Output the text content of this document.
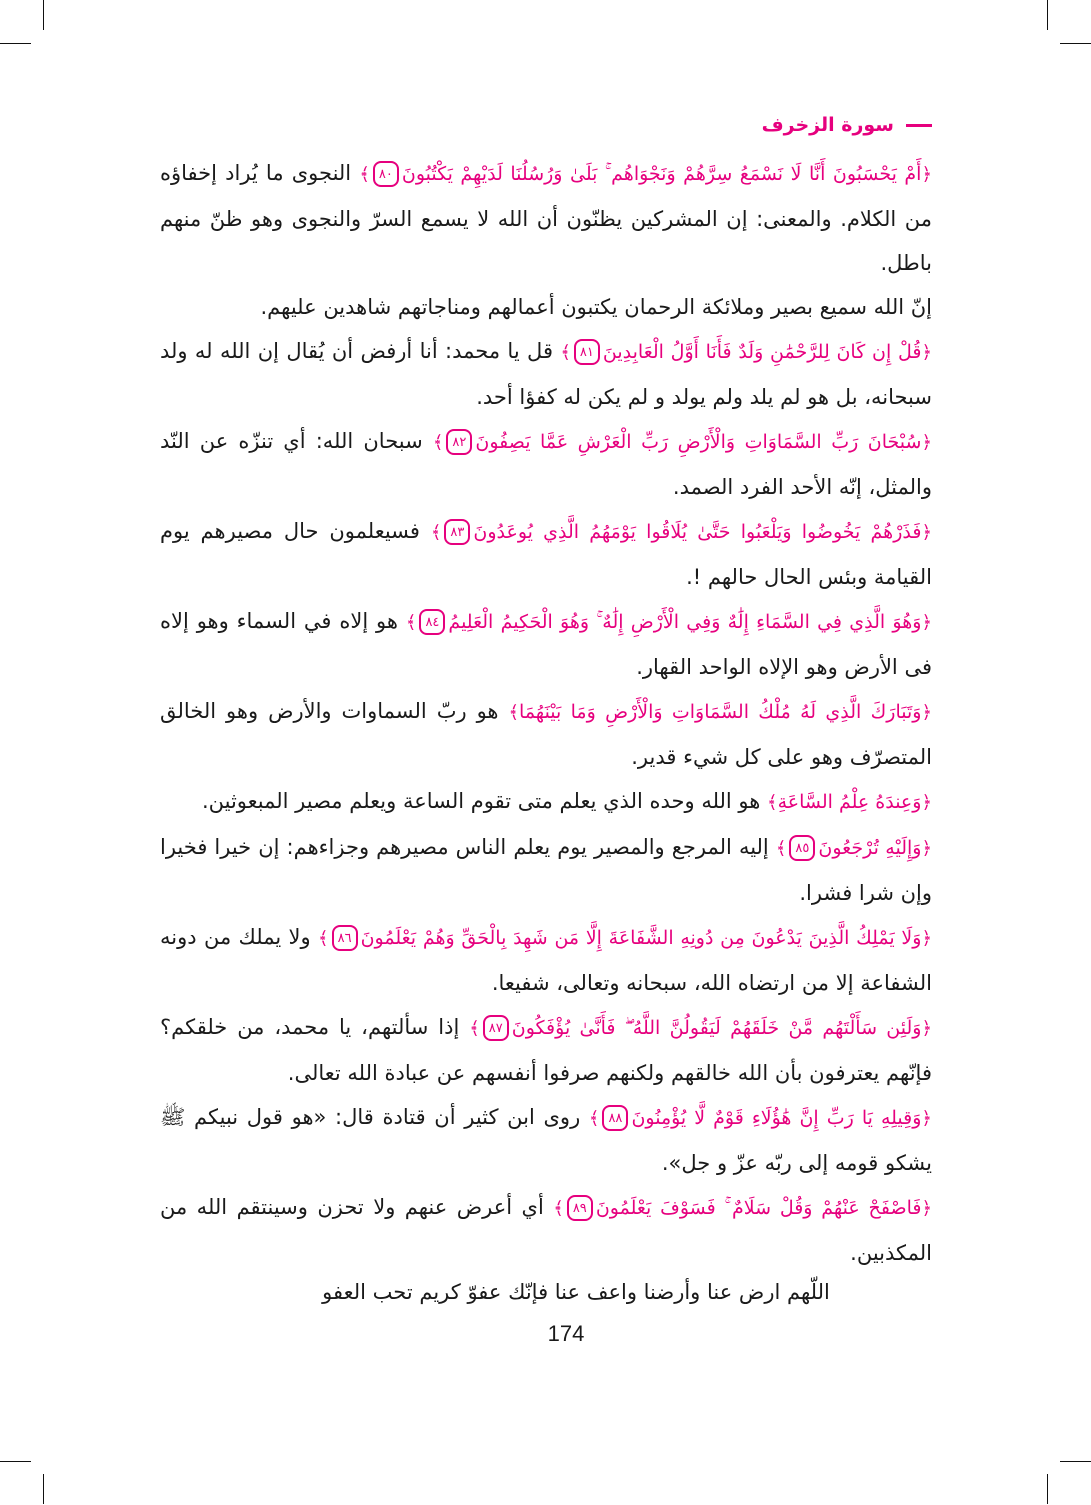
سورة الزخرف

﴿أَمْ يَحْسَبُونَ أَنَّا لَا نَسْمَعُ سِرَّهُمْ وَنَجْوَاهُم ۚ بَلَىٰ وَرُسُلُنَا لَدَيْهِمْ يَكْتُبُونَ٨٠﴾ النجوى ما يُراد إخفاؤه من الكلام. والمعنى: إن المشركين يظنّون أن الله لا يسمع السرّ والنجوى وهو ظنّ منهم باطل.

إنّ الله سميع بصير وملائكة الرحمان يكتبون أعمالهم ومناجاتهم شاهدين عليهم.

﴿قُلْ إِن كَانَ لِلرَّحْمَٰنِ وَلَدٌ فَأَنَا أَوَّلُ الْعَابِدِينَ٨١﴾ قل يا محمد: أنا أرفض أن يُقال إن الله له ولد سبحانه، بل هو لم يلد ولم يولد و لم يكن له كفؤا أحد.

﴿سُبْحَانَ رَبِّ السَّمَاوَاتِ وَالْأَرْضِ رَبِّ الْعَرْشِ عَمَّا يَصِفُونَ٨٢﴾ سبحان الله: أي تنزّه عن النّد والمثل، إنّه الأحد الفرد الصمد.

﴿فَذَرْهُمْ يَخُوضُوا وَيَلْعَبُوا حَتَّىٰ يُلَاقُوا يَوْمَهُمُ الَّذِي يُوعَدُونَ٨٣﴾ فسيعلمون حال مصيرهم يوم القيامة وبئس الحال حالهم !.

﴿وَهُوَ الَّذِي فِي السَّمَاءِ إِلَٰهٌ وَفِي الْأَرْضِ إِلَٰهٌ ۚ وَهُوَ الْحَكِيمُ الْعَلِيمُ٨٤﴾ هو إلاه في السماء وهو إلاه فى الأرض وهو الإلاه الواحد القهار.

﴿وَتَبَارَكَ الَّذِي لَهُ مُلْكُ السَّمَاوَاتِ وَالْأَرْضِ وَمَا بَيْنَهُمَا﴾ هو ربّ السماوات والأرض وهو الخالق المتصرّف وهو على كل شيء قدير.

﴿وَعِندَهُ عِلْمُ السَّاعَةِ﴾ هو الله وحده الذي يعلم متى تقوم الساعة ويعلم مصير المبعوثين.

﴿وَإِلَيْهِ تُرْجَعُونَ٨٥﴾ إليه المرجع والمصير يوم يعلم الناس مصيرهم وجزاءهم: إن خيرا فخيرا وإن شرا فشرا.

﴿وَلَا يَمْلِكُ الَّذِينَ يَدْعُونَ مِن دُونِهِ الشَّفَاعَةَ إِلَّا مَن شَهِدَ بِالْحَقِّ وَهُمْ يَعْلَمُونَ٨٦﴾ ولا يملك من دونه الشفاعة إلا من ارتضاه الله، سبحانه وتعالى، شفيعا.

﴿وَلَئِن سَأَلْتَهُم مَّنْ خَلَقَهُمْ لَيَقُولُنَّ اللَّهُ ۖ فَأَنَّىٰ يُؤْفَكُونَ٨٧﴾ إذا سألتهم، يا محمد، من خلقكم؟ فإنّهم يعترفون بأن الله خالقهم ولكنهم صرفوا أنفسهم عن عبادة الله تعالى.

﴿وَقِيلِهِ يَا رَبِّ إِنَّ هَٰؤُلَاءِ قَوْمٌ لَّا يُؤْمِنُونَ٨٨﴾ روى ابن كثير أن قتادة قال: «هو قول نبيكم ﷺ يشكو قومه إلى ربّه عزّ و جل».

﴿فَاصْفَحْ عَنْهُمْ وَقُلْ سَلَامٌ ۚ فَسَوْفَ يَعْلَمُونَ٨٩﴾ أي أعرض عنهم ولا تحزن وسينتقم الله من المكذبين.

اللّهم ارض عنا وأرضنا واعف عنا فإنّك عفوّ كريم تحب العفو
174
